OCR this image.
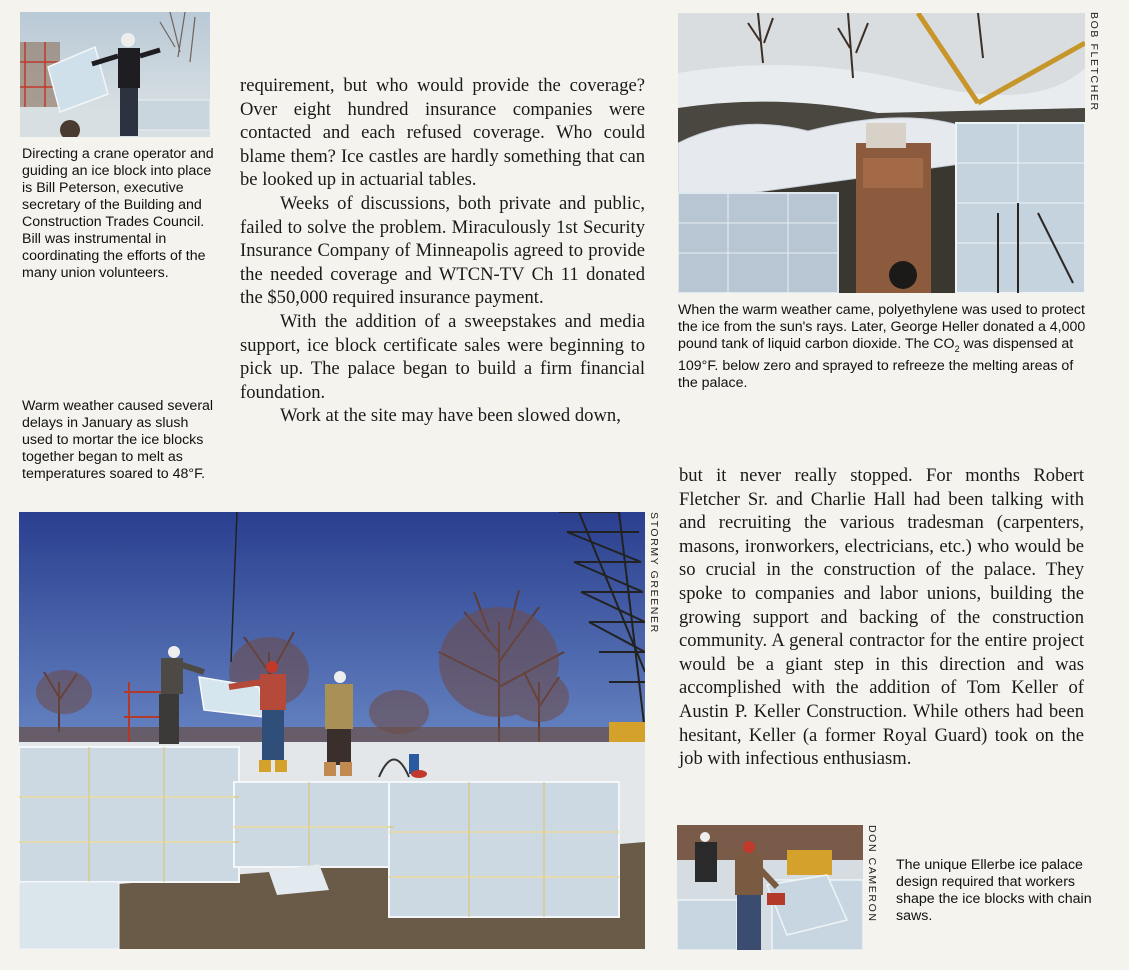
Directing a crane operator and guiding an ice block into place is Bill Peterson, executive secretary of the Building and Construction Trades Council. Bill was instrumental in coordinating the efforts of the many union volunteers.

Warm weather caused several delays in January as slush used to mortar the ice blocks together began to melt as temperatures soared to 48°F.

requirement, but who would provide the coverage? Over eight hundred insurance companies were contacted and each refused coverage. Who could blame them? Ice castles are hardly something that can be looked up in actuarial tables.

Weeks of discussions, both private and public, failed to solve the problem. Miraculously 1st Security Insurance Company of Minneapolis agreed to provide the needed coverage and WTCN-TV Ch 11 donated the $50,000 required insurance payment.

With the addition of a sweepstakes and media support, ice block certificate sales were beginning to pick up. The palace began to build a firm financial foundation.

Work at the site may have been slowed down,

BOB FLETCHER

When the warm weather came, polyethylene was used to protect the ice from the sun's rays. Later, George Heller donated a 4,000 pound tank of liquid carbon dioxide. The $CO_2$ was dispensed at 109°F. below zero and sprayed to refreeze the melting areas of the palace.

but it never really stopped. For months Robert Fletcher Sr. and Charlie Hall had been talking with and recruiting the various tradesman (carpenters, masons, ironworkers, electricians, etc.) who would be so crucial in the construction of the palace. They spoke to companies and labor unions, building the growing support and backing of the construction community. A general contractor for the entire project would be a giant step in this direction and was accomplished with the addition of Tom Keller of Austin P. Keller Construction. While others had been hesitant, Keller (a former Royal Guard) took on the job with infectious enthusiasm.

STORMY GREENER
DON CAMERON The unique Ellerbe ice palace design required that workers shape the ice blocks with chain saws.
